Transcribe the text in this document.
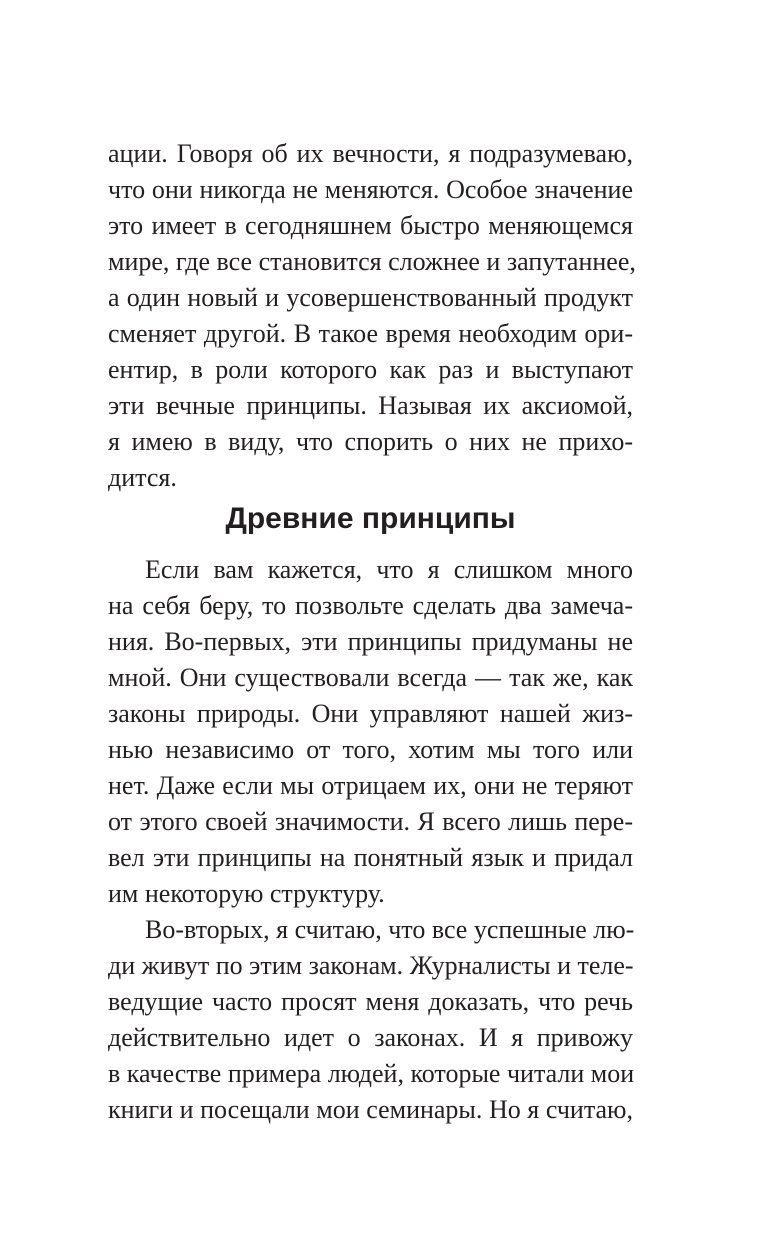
ации. Говоря об их вечности, я подразумеваю,
что они никогда не меняются. Особое значение
это имеет в сегодняшнем быстро меняющемся
мире, где все становится сложнее и запутаннее,
а один новый и усовершенствованный продукт
сменяет другой. В такое время необходим ори-
ентир, в роли которого как раз и выступают
эти вечные принципы. Называя их аксиомой,
я имею в виду, что спорить о них не прихо-
дится.
Древние принципы
Если вам кажется, что я слишком много
на себя беру, то позвольте сделать два замеча-
ния. Во-первых, эти принципы придуманы не
мной. Они существовали всегда — так же, как
законы природы. Они управляют нашей жиз-
нью независимо от того, хотим мы того или
нет. Даже если мы отрицаем их, они не теряют
от этого своей значимости. Я всего лишь пере-
вел эти принципы на понятный язык и придал
им некоторую структуру.
Во-вторых, я считаю, что все успешные лю-
ди живут по этим законам. Журналисты и теле-
ведущие часто просят меня доказать, что речь
действительно идет о законах. И я привожу
в качестве примера людей, которые читали мои
книги и посещали мои семинары. Но я считаю,
